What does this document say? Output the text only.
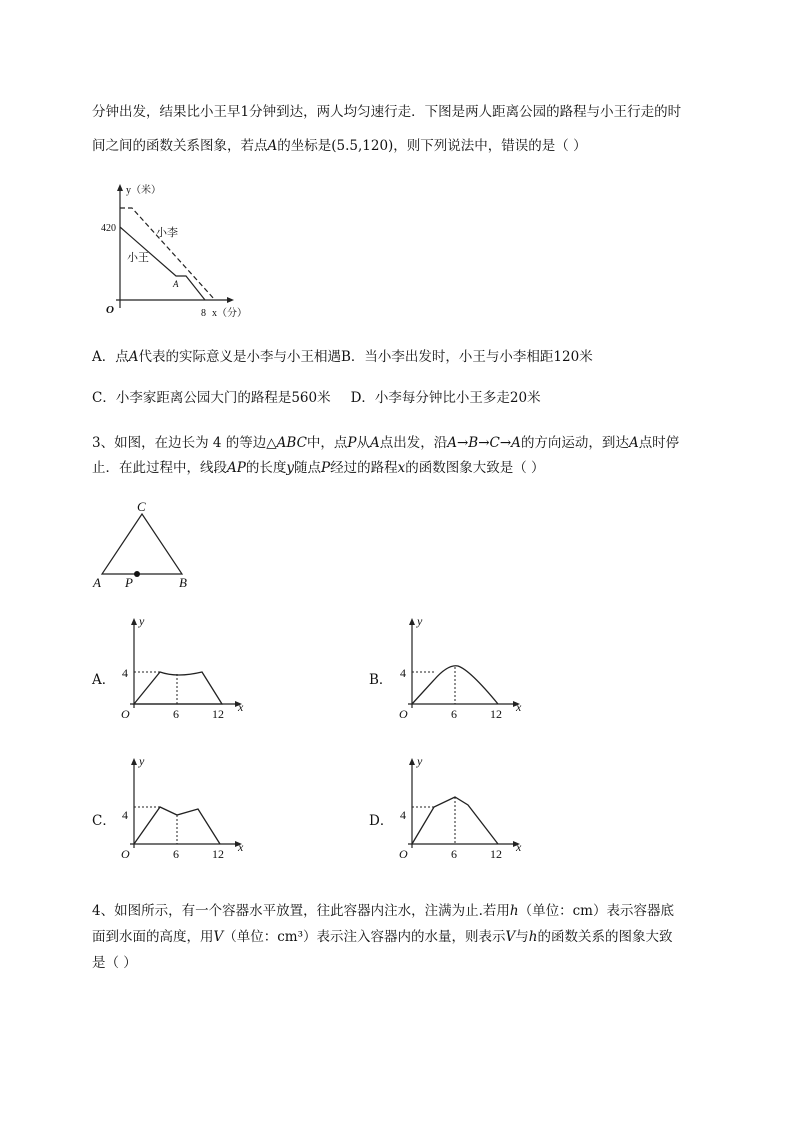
分钟出发，结果比小王早1分钟到达，两人均匀速行走．下图是两人距离公园的路程与小王行走的时
间之间的函数关系图象，若点A的坐标是(5.5,120)，则下列说法中，错误的是（ ）
y（米）
x（分）
O
420
8
小李
小王
A
A．点A代表的实际意义是小李与小王相遇B．当小李出发时，小王与小李相距120米
C．小李家距离公园大门的路程是560米 D．小李每分钟比小王多走20米
3、如图，在边长为 4 的等边△ABC中，点P从A点出发，沿A→B→C→A的方向运动，到达A点时停
止．在此过程中，线段AP的长度y随点P经过的路程x的函数图象大致是（ ）
C
A P	B
A．
y
x
O
4
6	12
B．
y
x
O
4
6	12
C．
y
x
O
4
6	12
D．
y
x
O
4
6	12
4、如图所示，有一个容器水平放置，往此容器内注水，注满为止.若用h（单位：cm）表示容器底
面到水面的高度，用V（单位：cm³）表示注入容器内的水量，则表示V与h的函数关系的图象大致
是（ ）
